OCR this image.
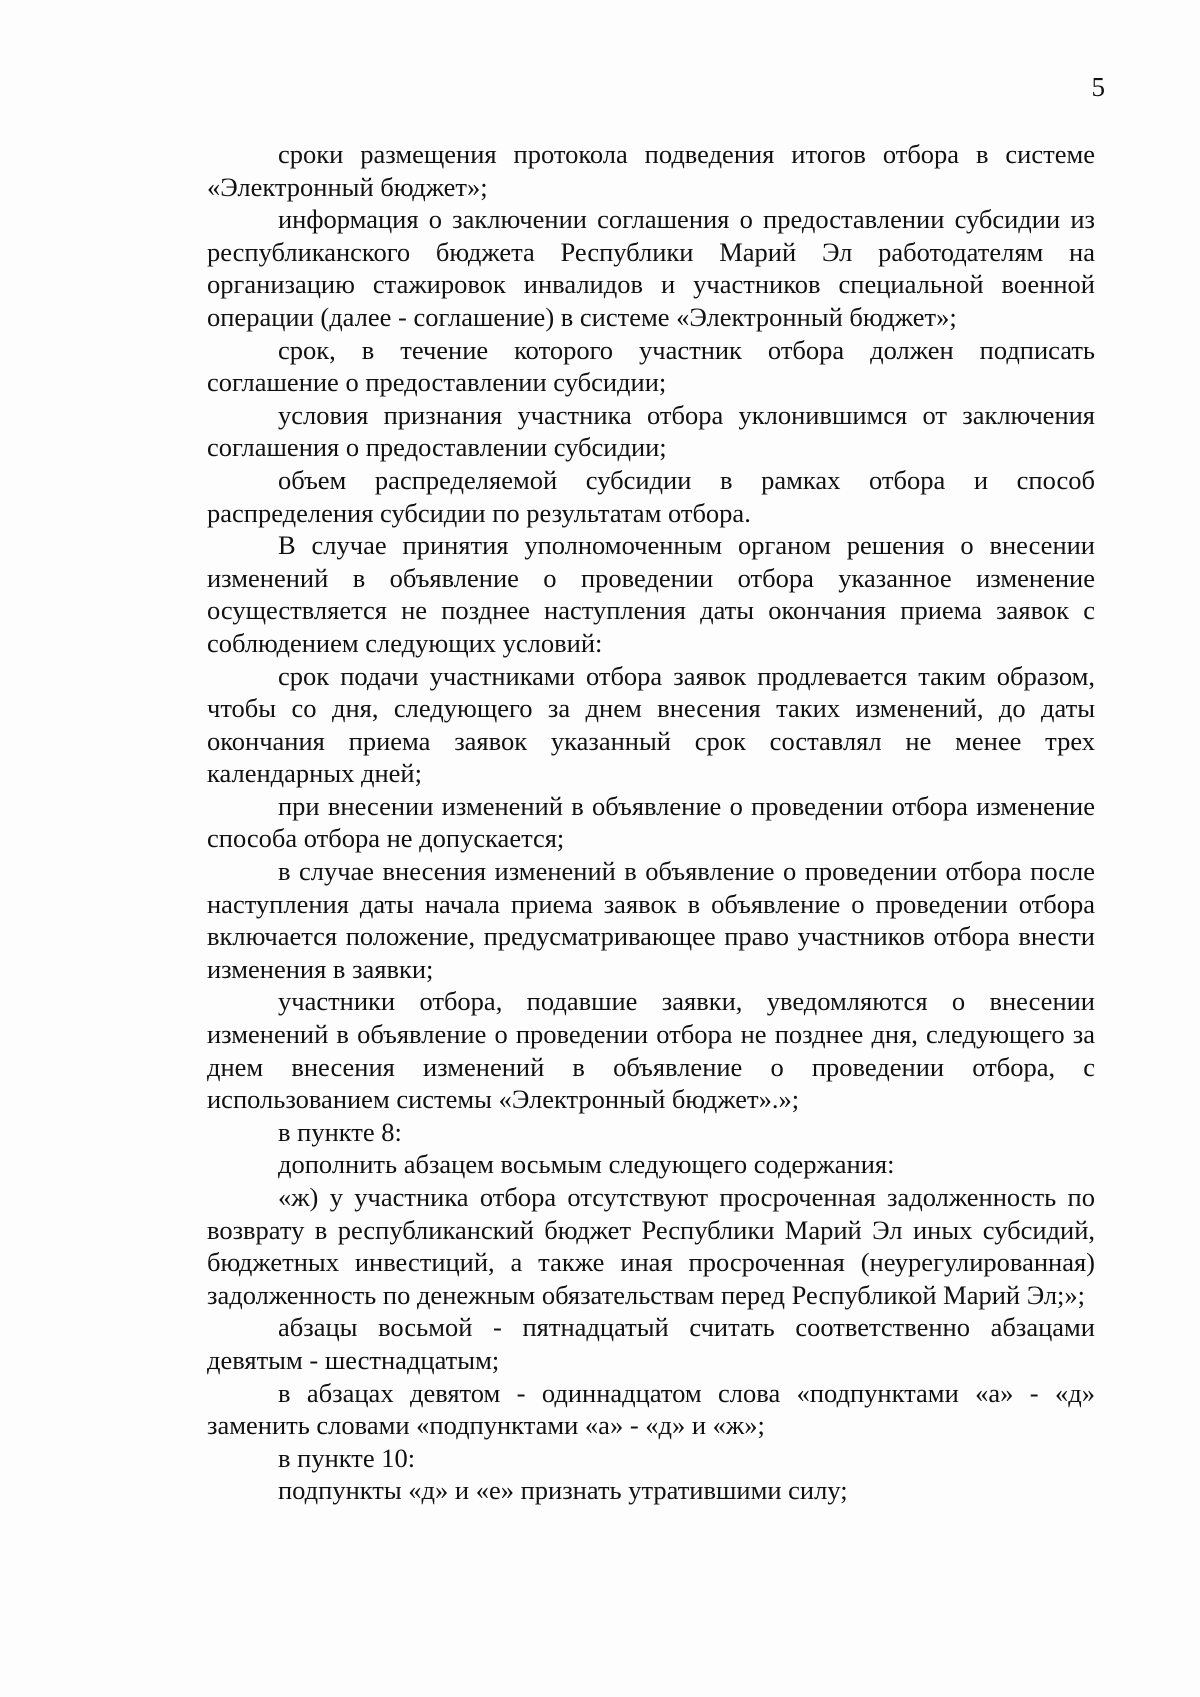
5

сроки размещения протокола подведения итогов отбора в системе «Электронный бюджет»;

информация о заключении соглашения о предоставлении субсидии из республиканского бюджета Республики Марий Эл работодателям на организацию стажировок инвалидов и участников специальной военной операции (далее - соглашение) в системе «Электронный бюджет»;

срок, в течение которого участник отбора должен подписать соглашение о предоставлении субсидии;

условия признания участника отбора уклонившимся от заключения соглашения о предоставлении субсидии;

объем распределяемой субсидии в рамках отбора и способ распределения субсидии по результатам отбора.

В случае принятия уполномоченным органом решения о внесении изменений в объявление о проведении отбора указанное изменение осуществляется не позднее наступления даты окончания приема заявок с соблюдением следующих условий:

срок подачи участниками отбора заявок продлевается таким образом, чтобы со дня, следующего за днем внесения таких изменений, до даты окончания приема заявок указанный срок составлял не менее трех календарных дней;

при внесении изменений в объявление о проведении отбора изменение способа отбора не допускается;

в случае внесения изменений в объявление о проведении отбора после наступления даты начала приема заявок в объявление о проведении отбора включается положение, предусматривающее право участников отбора внести изменения в заявки;

участники отбора, подавшие заявки, уведомляются о внесении изменений в объявление о проведении отбора не позднее дня, следующего за днем внесения изменений в объявление о проведении отбора, с использованием системы «Электронный бюджет».»;

в пункте 8:

дополнить абзацем восьмым следующего содержания:

«ж) у участника отбора отсутствуют просроченная задолженность по возврату в республиканский бюджет Республики Марий Эл иных субсидий, бюджетных инвестиций, а также иная просроченная (неурегулированная) задолженность по денежным обязательствам перед Республикой Марий Эл;»;

абзацы восьмой - пятнадцатый считать соответственно абзацами девятым - шестнадцатым;

в абзацах девятом - одиннадцатом слова «подпунктами «а» - «д» заменить словами «подпунктами «а» - «д» и «ж»;

в пункте 10:

подпункты «д» и «е» признать утратившими силу;
